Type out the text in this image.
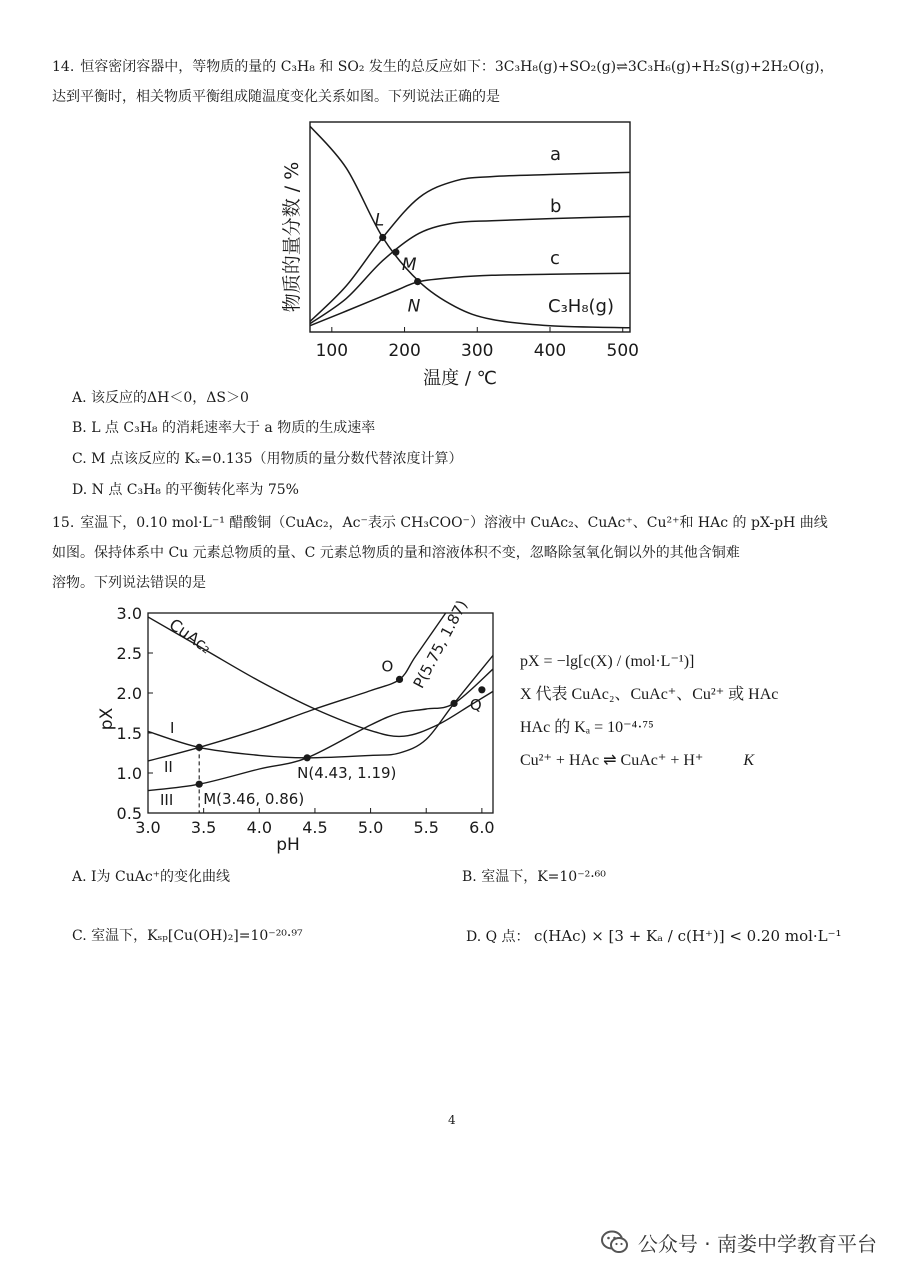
14. 恒容密闭容器中，等物质的量的 C₃H₈ 和 SO₂ 发生的总反应如下：3C₃H₈(g)+SO₂(g)⇌3C₃H₆(g)+H₂S(g)+2H₂O(g)，
达到平衡时，相关物质平衡组成随温度变化关系如图。下列说法正确的是
100 200 300 400 500
温度 / ℃
物质的量分数 / %
a
b
c
C₃H₈(g)
L
M
N
A. 该反应的ΔH＜0，ΔS＞0
B. L 点 C₃H₈ 的消耗速率大于 a 物质的生成速率
C. M 点该反应的 Kₓ=0.135（用物质的量分数代替浓度计算）
D. N 点 C₃H₈ 的平衡转化率为 75%
15. 室温下，0.10 mol·L⁻¹ 醋酸铜（CuAc₂，Ac⁻表示 CH₃COO⁻）溶液中 CuAc₂、CuAc⁺、Cu²⁺和 HAc 的 pX-pH 曲线
如图。保持体系中 Cu 元素总物质的量、C 元素总物质的量和溶液体积不变，忽略除氢氧化铜以外的其他含铜难
溶物。下列说法错误的是
3.0 3.5 4.0 4.5 5.0 5.5 6.0
0.5
1.0
1.5
2.0
2.5
3.0
pH
pX	I
II
III
CuAc₂
O P(5.75, 1.87)
Q
N(4.43, 1.19)
M(3.46, 0.86)
pX = −lg[c(X) / (mol·L⁻¹)]
X 代表 CuAc₂、CuAc⁺、Cu²⁺ 或 HAc
HAc 的 Kₐ = 10⁻⁴·⁷⁵
Cu²⁺ + HAc ⇌ CuAc⁺ + H⁺	K
A. I为 CuAc⁺的变化曲线	B. 室温下，K=10⁻²·⁶⁰
C. 室温下，Kₛₚ[Cu(OH)₂]=10⁻²⁰·⁹⁷	D. Q 点： c(HAc) × [3 + Kₐ / c(H⁺)] < 0.20 mol·L⁻¹
4
公众号 · 南娄中学教育平台
